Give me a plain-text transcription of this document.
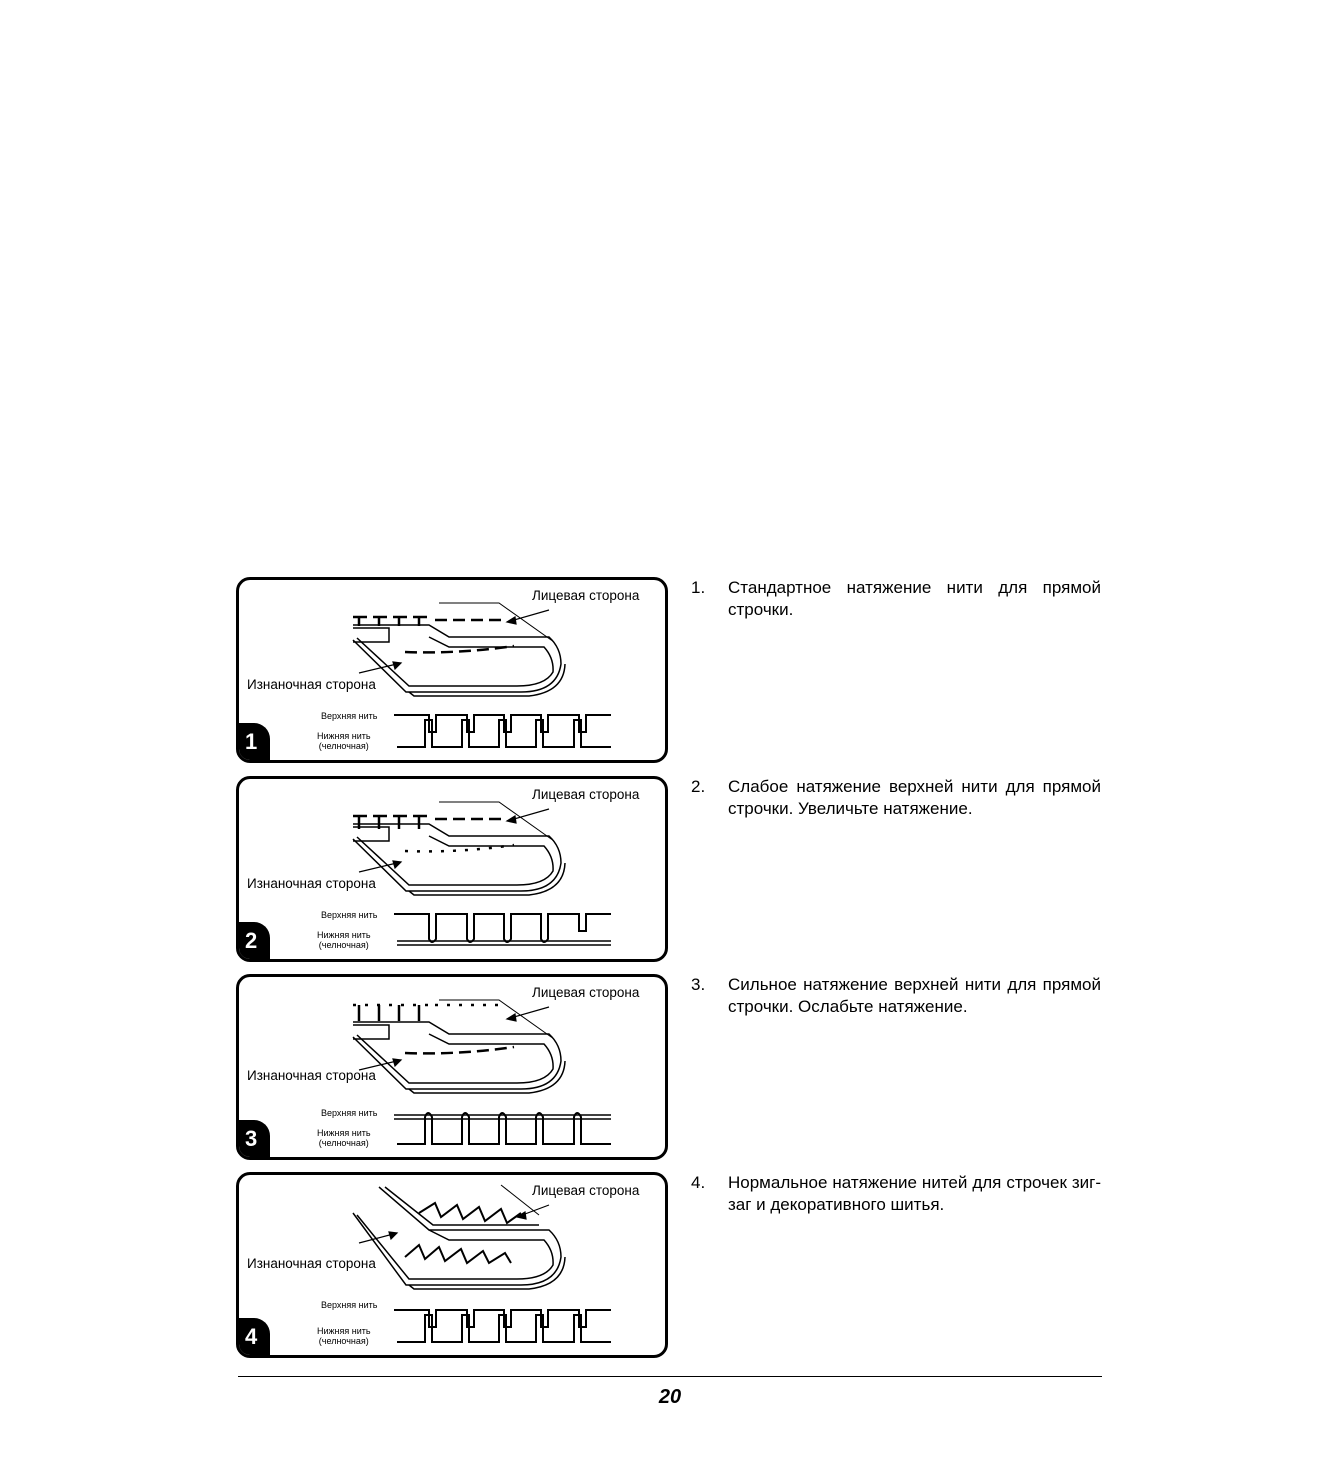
Лицевая сторона
Изнаночная сторона
Верхняя нить
Нижняя нить
(челночная)
1
Лицевая сторона
Изнаночная сторона
Верхняя нить
Нижняя нить
(челночная)
2
Лицевая сторона
Изнаночная сторона
Верхняя нить
Нижняя нить
(челночная)
3
Лицевая сторона
Изнаночная сторона
Верхняя нить
Нижняя нить
(челночная)
4
1. Стандартное натяжение нити для прямой строчки.
2. Слабое натяжение верхней нити для прямой строчки. Увеличьте натяжение.
3. Сильное натяжение верхней нити для прямой строчки. Ослабьте натяжение.
4. Нормальное натяжение нитей для строчек зиг-заг и декоративного шитья.
20
